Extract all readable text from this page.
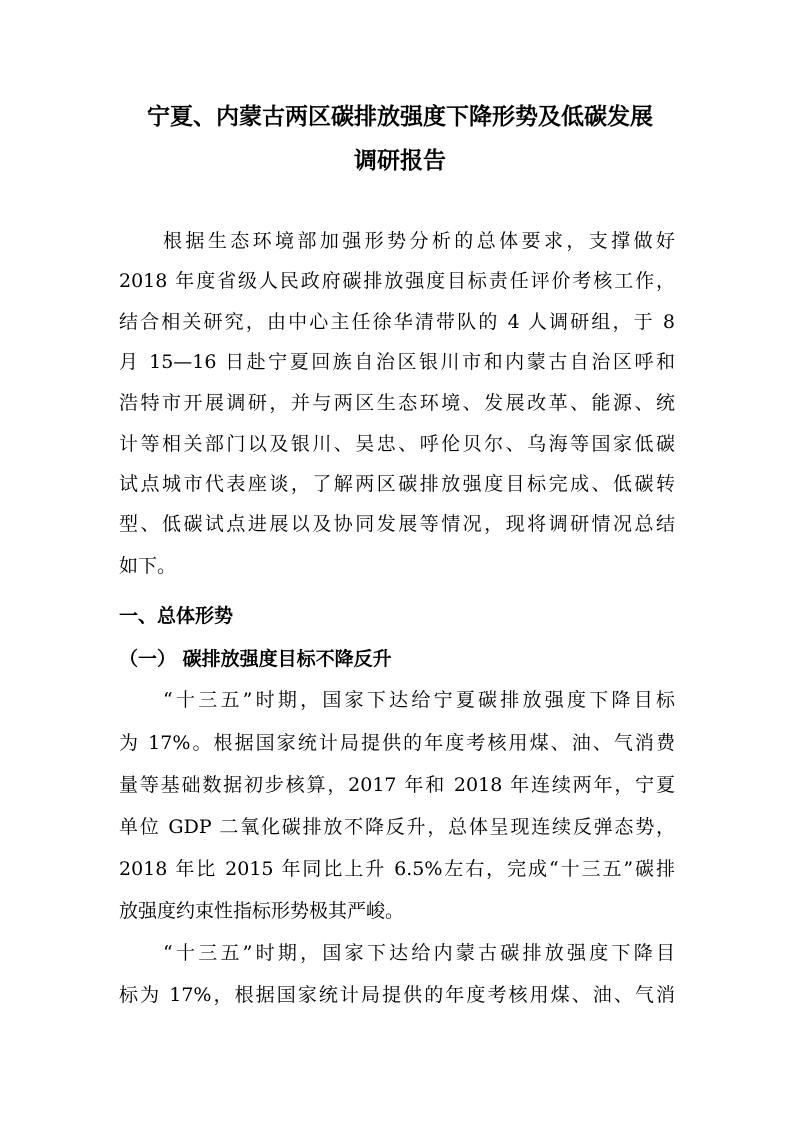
宁夏、内蒙古两区碳排放强度下降形势及低碳发展
调研报告
根据生态环境部加强形势分析的总体要求，支撑做好
2018 年度省级人民政府碳排放强度目标责任评价考核工作，
结合相关研究，由中心主任徐华清带队的 4 人调研组，于 8
月 15—16 日赴宁夏回族自治区银川市和内蒙古自治区呼和
浩特市开展调研，并与两区生态环境、发展改革、能源、统
计等相关部门以及银川、吴忠、呼伦贝尔、乌海等国家低碳
试点城市代表座谈，了解两区碳排放强度目标完成、低碳转
型、低碳试点进展以及协同发展等情况，现将调研情况总结
如下。
一、总体形势
（一） 碳排放强度目标不降反升
“十三五”时期，国家下达给宁夏碳排放强度下降目标
为 17%。根据国家统计局提供的年度考核用煤、油、气消费
量等基础数据初步核算，2017 年和 2018 年连续两年，宁夏
单位 GDP 二氧化碳排放不降反升，总体呈现连续反弹态势，
2018 年比 2015 年同比上升 6.5%左右，完成“十三五”碳排
放强度约束性指标形势极其严峻。
“十三五”时期，国家下达给内蒙古碳排放强度下降目
标为 17%，根据国家统计局提供的年度考核用煤、油、气消
